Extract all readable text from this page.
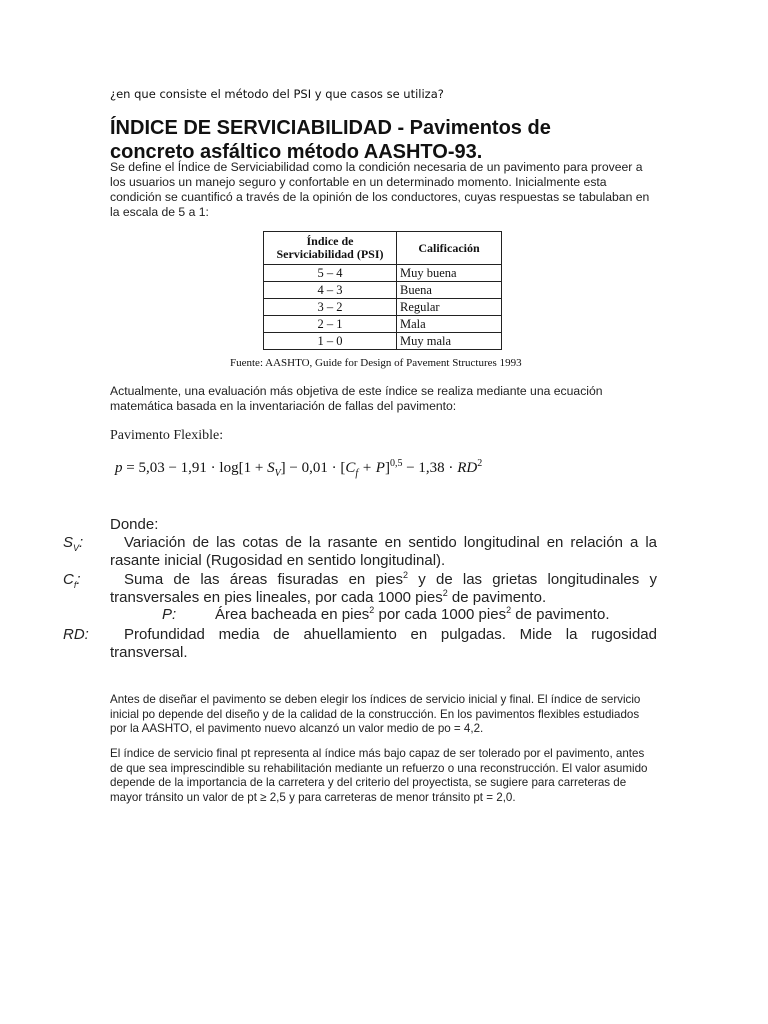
¿en que consiste el método del PSI y que casos se utiliza?
ÍNDICE DE SERVICIABILIDAD - Pavimentos de concreto asfáltico método AASHTO-93.

Se define el Índice de Serviciabilidad como la condición necesaria de un pavimento para proveer a los usuarios un manejo seguro y confortable en un determinado momento. Inicialmente esta condición se cuantificó a través de la opinión de los conductores, cuyas respuestas se tabulaban en la escala de 5 a 1:

Índice de Serviciabilidad (PSI)	Calificación
5 – 4	Muy buena
4 – 3	Buena
3 – 2	Regular
2 – 1	Mala
1 – 0	Muy mala
Fuente: AASHTO, Guide for Design of Pavement Structures 1993

Actualmente, una evaluación más objetiva de este índice se realiza mediante una ecuación matemática basada en la inventariación de fallas del pavimento:

Pavimento Flexible:
$p = 5,03 - 1,91 \cdot \log[1 + S_V] - 0,01 \cdot [C_f + P]^{0,5} - 1,38 \cdot RD^2$
Donde:
$S_V$:	Variación de las cotas de la rasante en sentido longitudinal en relación a la rasante inicial (Rugosidad en sentido longitudinal).
$C_f$:	Suma de las áreas fisuradas en pies$^2$ y de las grietas longitudinales y transversales en pies lineales, por cada 1000 pies$^2$ de pavimento.
P:	Área bacheada en pies$^2$ por cada 1000 pies$^2$ de pavimento.
RD: Profundidad media de ahuellamiento en pulgadas. Mide la rugosidad transversal.

Antes de diseñar el pavimento se deben elegir los índices de servicio inicial y final. El índice de servicio inicial po depende del diseño y de la calidad de la construcción. En los pavimentos flexibles estudiados por la AASHTO, el pavimento nuevo alcanzó un valor medio de po = 4,2.

El índice de servicio final pt representa al índice más bajo capaz de ser tolerado por el pavimento, antes de que sea imprescindible su rehabilitación mediante un refuerzo o una reconstrucción. El valor asumido depende de la importancia de la carretera y del criterio del proyectista, se sugiere para carreteras de mayor tránsito un valor de pt ≥ 2,5 y para carreteras de menor tránsito pt = 2,0.
